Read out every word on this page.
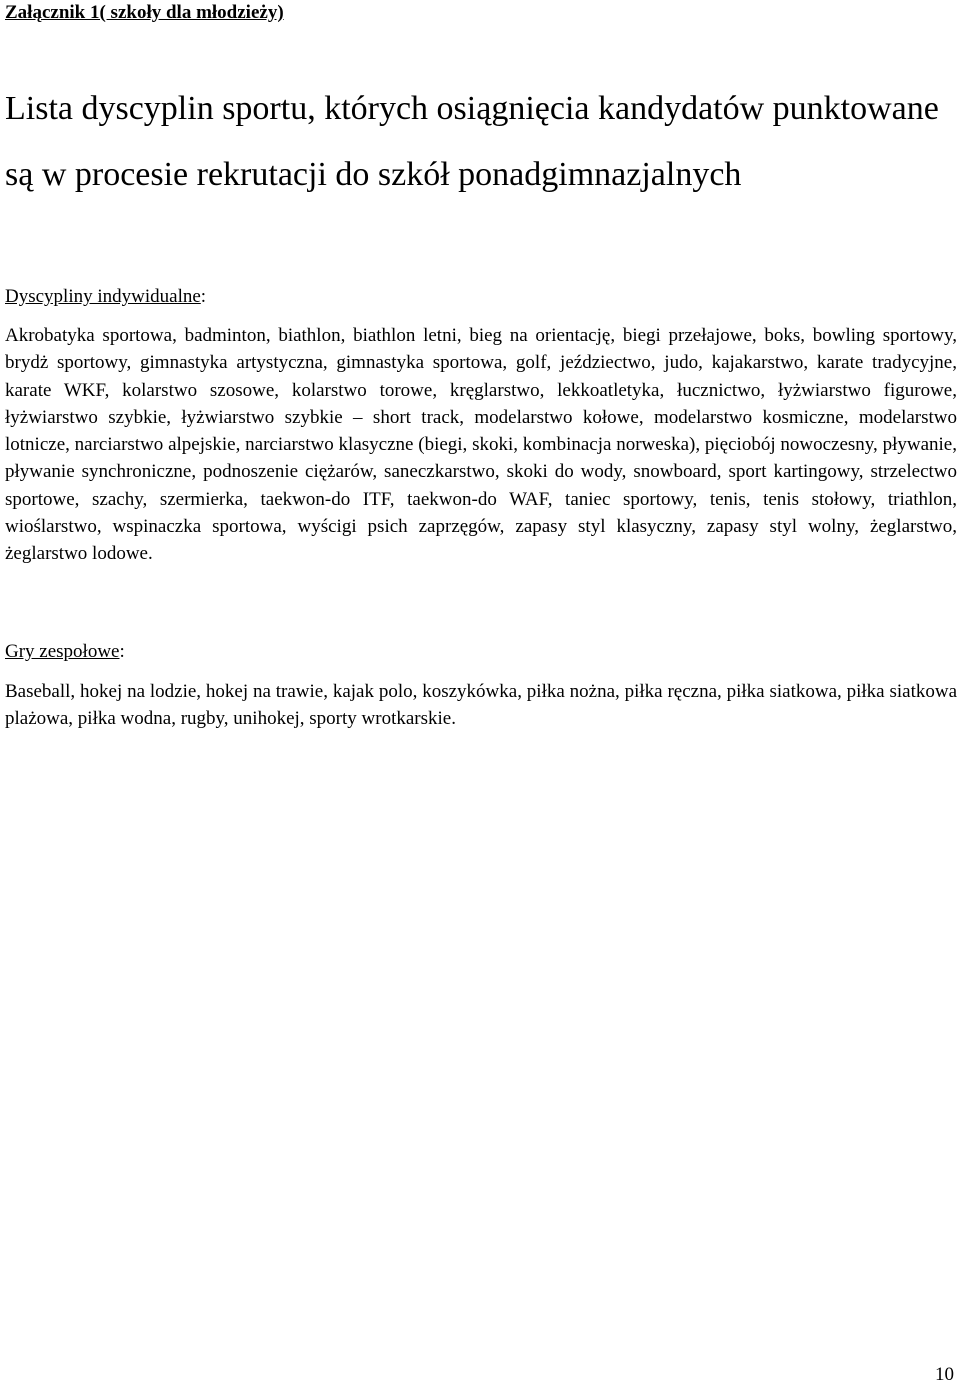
Załącznik 1( szkoły dla młodzieży)
Lista dyscyplin sportu, których osiągnięcia kandydatów punktowane są w procesie rekrutacji do szkół ponadgimnazjalnych
Dyscypliny indywidualne:

Akrobatyka sportowa, badminton, biathlon, biathlon letni, bieg na orientację, biegi przełajowe, boks, bowling sportowy, brydż sportowy, gimnastyka artystyczna, gimnastyka sportowa, golf, jeździectwo, judo, kajakarstwo, karate tradycyjne, karate WKF, kolarstwo szosowe, kolarstwo torowe, kręglarstwo, lekkoatletyka, łucznictwo, łyżwiarstwo figurowe, łyżwiarstwo szybkie, łyżwiarstwo szybkie – short track, modelarstwo kołowe, modelarstwo kosmiczne, modelarstwo lotnicze, narciarstwo alpejskie, narciarstwo klasyczne (biegi, skoki, kombinacja norweska), pięciobój nowoczesny, pływanie, pływanie synchroniczne, podnoszenie ciężarów, saneczkarstwo, skoki do wody, snowboard, sport kartingowy, strzelectwo sportowe, szachy, szermierka, taekwon-do ITF, taekwon-do WAF, taniec sportowy, tenis, tenis stołowy, triathlon, wioślarstwo, wspinaczka sportowa, wyścigi psich zaprzęgów, zapasy styl klasyczny, zapasy styl wolny, żeglarstwo, żeglarstwo lodowe.

Gry zespołowe:

Baseball, hokej na lodzie, hokej na trawie, kajak polo, koszykówka, piłka nożna, piłka ręczna, piłka siatkowa, piłka siatkowa plażowa, piłka wodna, rugby, unihokej, sporty wrotkarskie.

10
